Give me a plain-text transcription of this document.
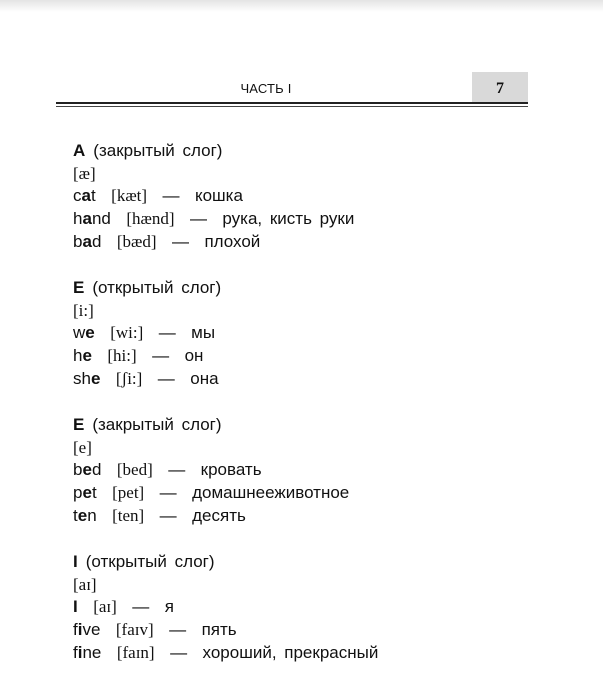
ЧАСТЬ I	7
A (закрытый слог)
[æ]
cat [kæt] — кошка
hand [hænd] — рука, кисть руки
bad [bæd] — плохой
E (открытый слог)
[i:]
we [wi:] — мы
he [hi:] — он
she [ʃi:] — она
E (закрытый слог)
[e]
bed [bed] — кровать
pet [pet] — домашнееживотное
ten [ten] — десять
I (открытый слог)
[aɪ]
I [aɪ] — я
five [faɪv] — пять
fine [faɪn] — хороший, прекрасный
